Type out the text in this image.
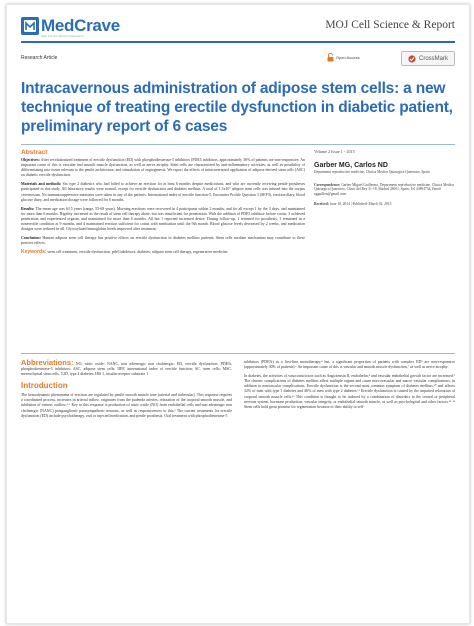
MedCrave
Step into the World of Research
MOJ Cell Science & Report
Research Article	Open Access	CrossMark
Intracavernous administration of adipose stem cells: a new technique of treating erectile dysfunction in diabetic patient, preliminary report of 6 cases
Abstract

Objectives: After revolutionized treatment of erectile dysfunction (ED) with phosphodiesterase-5 inhibitors (PDE5 inhibitors, approximately 30% of patients are non-responsive. An important cause of this is vascular and smooth muscle dysfunction, as well as nerve atrophy. Stem cells are characterized by anti-inflammatory activities, as well as possibility of differentiating into tissue relevant to the penile architecture, and stimulation of angiogenesis. We report the effects of intracavernosal application of adipose derived stem cells (ASC) on diabetic erectile dysfunction.

Materials and methods: Six type 2 diabetics who had failed to achieve an erection for at least 6 months despite medications, and who are currently receiving penile prostheses participated in this study. All laboratory results were normal, except for erectile dysfunction and diabetes mellitus. A total of 1.5x10⁷ adipose stem cells was infused into the corpus cavernosum. No immunosuppressive measures were taken in any of the patients. International index of erectile function-5, Encounter Profile Question 3 (SEP3), erection diary, blood glucose diary, and medication dosage were followed for 6 months.

Results: The mean age was 63.5 years (range, 55-69 years). Morning erections were recovered in 4 participants within 2 months, and for all except 1 by the 3 days, and maintained for more than 6 months. Rigidity increased as the result of stem cell therapy alone, but was insufficient for penetration. With the addition of PDE5 inhibitor before coitus, 3 achieved penetration and experienced orgasm, and maintained for more than 6 months. All but 1 reported increased desire. During follow-up, 1 returned for prosthesis, 1 remained in a nonerectile condition at 9 months, and 4 maintained erection sufficient for coitus with medication until the 9th month. Blood glucose levels decreased by 2 weeks, and medication dosages were reduced in all. Glycosylated hemoglobin levels improved after treatment.

Conclusion: Human adipose stem cell therapy has positive effects on erectile dysfunction in diabetes mellitus patients. Stem cells mediate mechanism may contribute to these positive effects.

Keywords: stem cell treatment, erectile dysfunction, pde5 inhibitors, diabetes, adipose stem cell therapy, regenerative medicine

Volume 2 Issue 1 - 2015

Garber MG, Carlos ND

Department reproductive medicine, Clinica Medica Quirurgica Queretaro, Spain

Correspondence: Garber Miguel Guillermo, Department reproductive medicine, Clinica Medica Quirurgica Queretaro, Clinic del Rey 31-18, Madrid 28001, Spain, Tel 43894734, Email ngguillen@gmail.com

Received: June 18, 2014 | Published: March 02, 2015

Abbreviations: NO, nitric oxide; NANC, non adrenergic non cholinergic; ED, erectile dysfunction; PDE5i, phosphodiesterase-5 inhibitors; ASC, adipose stem cells; IIEF, international index of erectile function; SC, stem cells; MSC, mesenchymal stem cells, T2D, type 2 diabetes; IRS 1, insulin receptor substrate 1

Introduction

The hemodynamic phenomena of erection are regulated by penile smooth muscle tone (arterial and trabecular). This response requires a coordinated process, increases in arterial inflow, originates from the pudenda arteries, relaxation of the corporal smooth muscle, and inhibition of venous outflow.¹·² Key to this response is production of nitric oxide (NO) from endothelial cells and non adrenergic non cholinergic (NANC) postganglionic parasympathetic neurons, as well as responsiveness to this.³ The current treatments for erectile dysfunction (ED) include psychotherapy, oral or injected medication, and penile prosthesis. Oral treatment with phosphodiesterase-5

inhibitors (PDE5i) as a first-line monotherapy,⁴ but, a significant proportion of patients with complex ED⁵ are non-responsive (approximately 30% of patients).⁶ An important cause of this is vascular and smooth muscle dysfunction,⁷ as well as nerve atrophy.

In diabetes, the activities of vasoconstrictors such as Angiotensin II, endothelin,⁸ and vascular endothelial growth factor are increased.⁹ The chronic complications of diabetes mellitus affect multiple organs and cause microvascular and macro vascular complications, in addition to nonvascular complications. Erectile dysfunction is the second most common symptom of diabetes mellitus,¹⁰ and affects 32% of men with type 1 diabetes and 46% of men with type 2 diabetes.¹¹ Erectile dysfunction is caused by the impaired relaxation of corporal smooth muscle cells.¹² This condition is thought to be induced by a combination of disorders in the central or peripheral nervous system, hormone production, vascular integrity, or endothelial smooth muscle, as well as psychological and other factors.¹³·¹⁴ Stem cells hold great promise for regeneration because of their ability to self-
